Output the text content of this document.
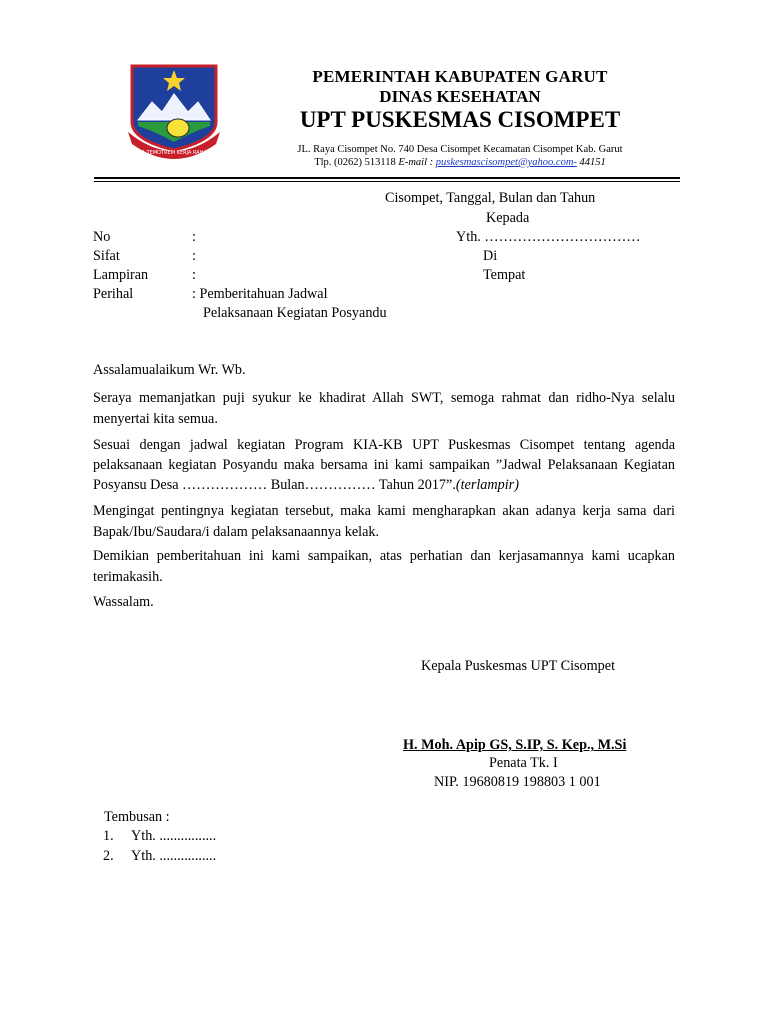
DIA TEMOTREM KERJA RAHAJA
PEMERINTAH KABUPATEN GARUT
DINAS KESEHATAN
UPT PUSKESMAS CISOMPET
JL. Raya Cisompet No. 740 Desa Cisompet Kecamatan Cisompet Kab. Garut
Tlp. (0262) 513118 E-mail : puskesmascisompet@yahoo.com- 44151
Cisompet, Tanggal, Bulan dan Tahun
Kepada
Yth. ……………………………
Di
Tempat
No	:
Sifat	:
Lampiran	:
Perihal	: Pemberitahuan Jadwal
Pelaksanaan Kegiatan Posyandu
Assalamualaikum Wr. Wb.
Seraya memanjatkan puji syukur ke khadirat Allah SWT, semoga rahmat dan ridho-Nya selalu menyertai kita semua.
Sesuai dengan jadwal kegiatan Program KIA-KB UPT Puskesmas Cisompet tentang agenda pelaksanaan kegiatan Posyandu maka bersama ini kami sampaikan ”Jadwal Pelaksanaan Kegiatan Posyansu Desa ……………… Bulan…………… Tahun 2017”.(terlampir)
Mengingat pentingnya kegiatan tersebut, maka kami mengharapkan akan adanya kerja sama dari Bapak/Ibu/Saudara/i dalam pelaksanaannya kelak.
Demikian pemberitahuan ini kami sampaikan, atas perhatian dan kerjasamannya kami ucapkan terimakasih.
Wassalam.
Kepala Puskesmas UPT Cisompet
H. Moh. Apip GS, S.IP, S. Kep., M.Si
Penata Tk. I
NIP. 19680819 198803 1 001
Tembusan :
1. Yth. ................
2. Yth. ................
